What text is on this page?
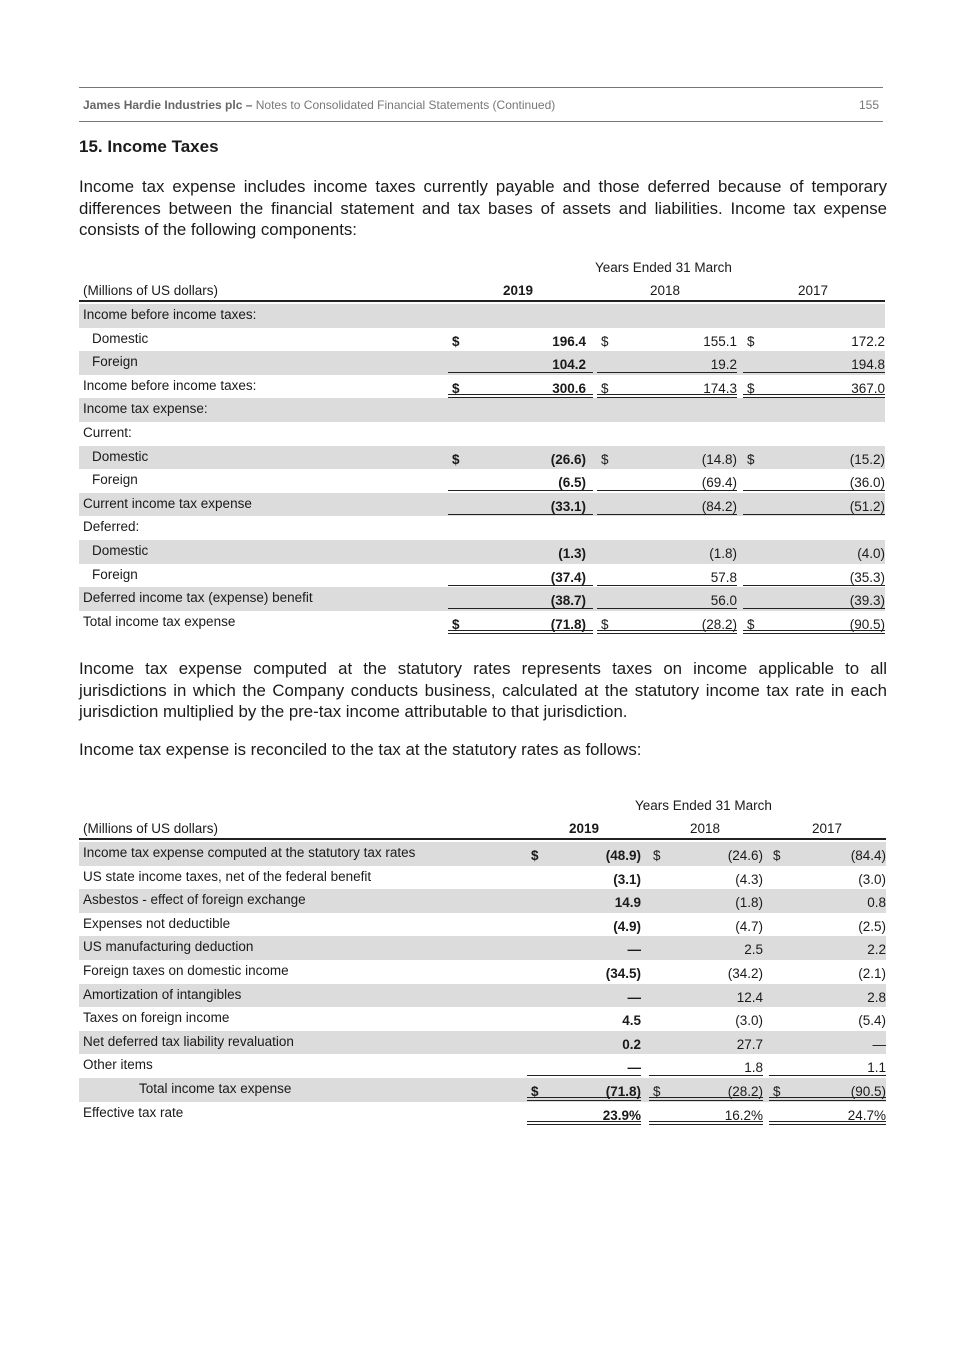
James Hardie Industries plc – Notes to Consolidated Financial Statements (Continued)	155
15. Income Taxes
Income tax expense includes income taxes currently payable and those deferred because of temporary differences between the financial statement and tax bases of assets and liabilities. Income tax expense consists of the following components:
Years Ended 31 March
(Millions of US dollars)	2019	2018	2017
Income before income taxes:
Domestic	$	196.4 $	155.1 $	172.2
Foreign	104.2	19.2	194.8
Income before income taxes:	$	300.6 $	174.3 $	367.0
Income tax expense:
Current:
Domestic	$	(26.6) $	(14.8) $	(15.2)
Foreign	(6.5)	(69.4)	(36.0)
Current income tax expense	(33.1)	(84.2)	(51.2)
Deferred:
Domestic	(1.3)	(1.8)	(4.0)
Foreign	(37.4)	57.8	(35.3)
Deferred income tax (expense) benefit	(38.7)	56.0	(39.3)
Total income tax expense	$	(71.8) $	(28.2) $	(90.5)
Income tax expense computed at the statutory rates represents taxes on income applicable to all jurisdictions in which the Company conducts business, calculated at the statutory income tax rate in each jurisdiction multiplied by the pre-tax income attributable to that jurisdiction.
Income tax expense is reconciled to the tax at the statutory rates as follows:
Years Ended 31 March
(Millions of US dollars)	2019	2018	2017
Income tax expense computed at the statutory tax rates	$	(48.9) $	(24.6) $	(84.4)
US state income taxes, net of the federal benefit	(3.1)	(4.3)	(3.0)
Asbestos - effect of foreign exchange	14.9	(1.8)	0.8
Expenses not deductible	(4.9)	(4.7)	(2.5)
US manufacturing deduction	—	2.5	2.2
Foreign taxes on domestic income	(34.5)	(34.2)	(2.1)
Amortization of intangibles	—	12.4	2.8
Taxes on foreign income	4.5	(3.0)	(5.4)
Net deferred tax liability revaluation	0.2	27.7	—
Other items	—	1.8	1.1
Total income tax expense	$	(71.8) $	(28.2) $	(90.5)
Effective tax rate	23.9%	16.2%	24.7%
